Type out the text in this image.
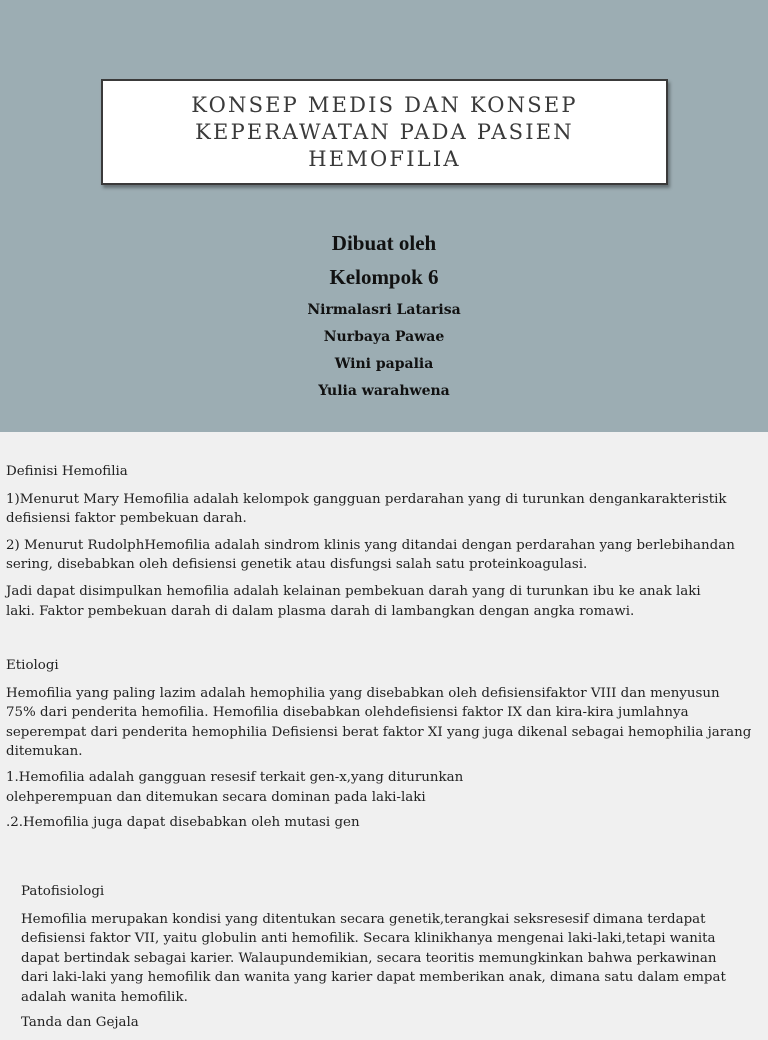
KONSEP MEDIS DAN KONSEP
KEPERAWATAN PADA PASIEN
HEMOFILIA

Dibuat oleh

Kelompok 6

Nirmalasri Latarisa

Nurbaya Pawae

Wini papalia

Yulia warahwena

Definisi Hemofilia

1)Menurut Mary Hemofilia adalah kelompok gangguan perdarahan yang di turunkan dengankarakteristik
defisiensi faktor pembekuan darah.

2) Menurut RudolphHemofilia adalah sindrom klinis yang ditandai dengan perdarahan yang berlebihandan
sering, disebabkan oleh defisiensi genetik atau disfungsi salah satu proteinkoagulasi.

Jadi dapat disimpulkan hemofilia adalah kelainan pembekuan darah yang di turunkan ibu ke anak laki
laki. Faktor pembekuan darah di dalam plasma darah di lambangkan dengan angka romawi.

Etiologi

Hemofilia yang paling lazim adalah hemophilia yang disebabkan oleh defisiensifaktor VIII dan menyusun
75% dari penderita hemofilia. Hemofilia disebabkan olehdefisiensi faktor IX dan kira-kira jumlahnya
seperempat dari penderita hemophilia Defisiensi berat faktor XI yang juga dikenal sebagai hemophilia jarang
ditemukan.

1.Hemofilia adalah gangguan resesif terkait gen-x,yang diturunkan
olehperempuan dan ditemukan secara dominan pada laki-laki

.2.Hemofilia juga dapat disebabkan oleh mutasi gen

Patofisiologi

Hemofilia merupakan kondisi yang ditentukan secara genetik,terangkai seksresesif dimana terdapat
defisiensi faktor VII, yaitu globulin anti hemofilik. Secara klinikhanya mengenai laki-laki,tetapi wanita
dapat bertindak sebagai karier. Walaupundemikian, secara teoritis memungkinkan bahwa perkawinan
dari laki-laki yang hemofilik dan wanita yang karier dapat memberikan anak, dimana satu dalam empat
adalah wanita hemofilik.

Tanda dan Gejala
